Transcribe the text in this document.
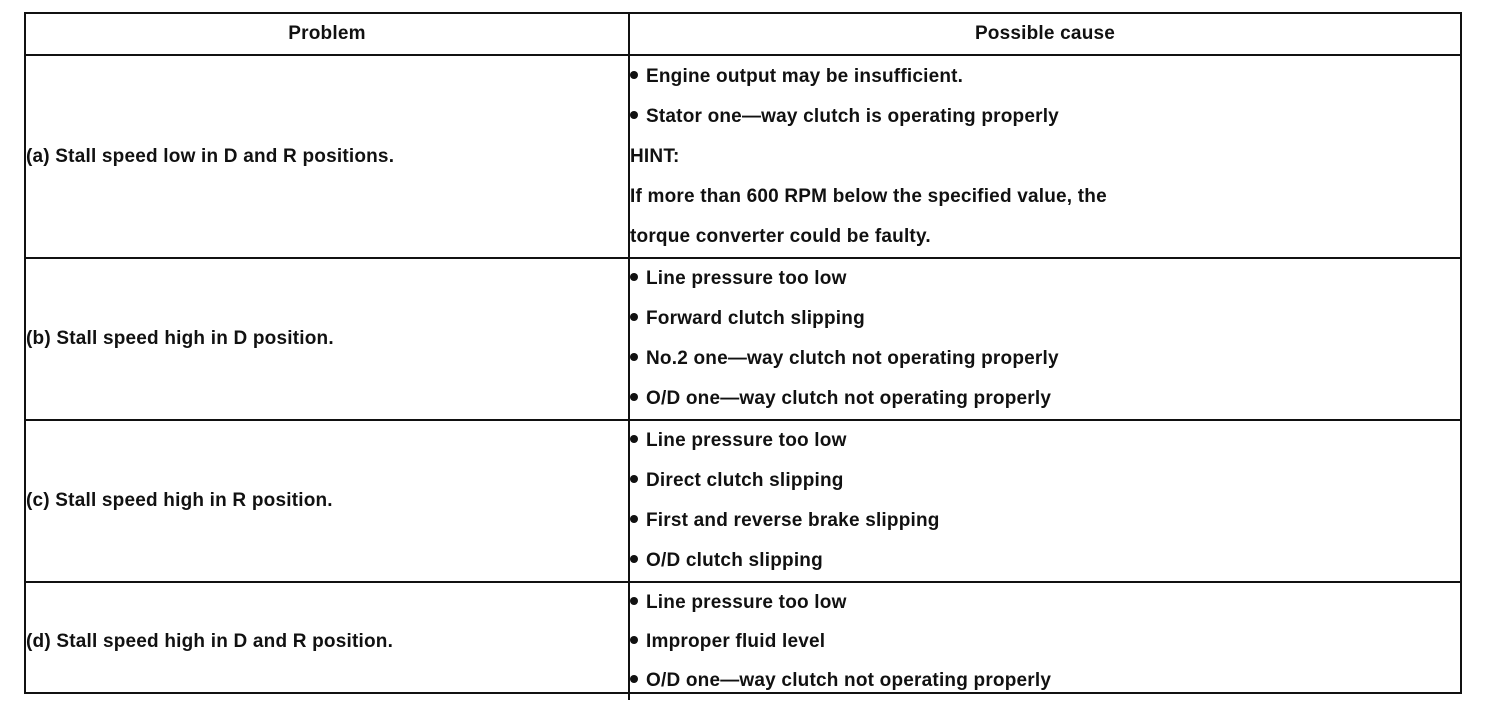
Problem	Possible cause
(a) Stall speed low in D and R positions.	Engine output may be insufficient.
Stator one—way clutch is operating properly
HINT:
If more than 600 RPM below the specified value, the
torque converter could be faulty.

(b) Stall speed high in D position.	Line pressure too low
Forward clutch slipping
No.2 one—way clutch not operating properly
O/D one—way clutch not operating properly

(c) Stall speed high in R position.	Line pressure too low
Direct clutch slipping
First and reverse brake slipping
O/D clutch slipping

(d) Stall speed high in D and R position.	Line pressure too low
Improper fluid level
O/D one—way clutch not operating properly
